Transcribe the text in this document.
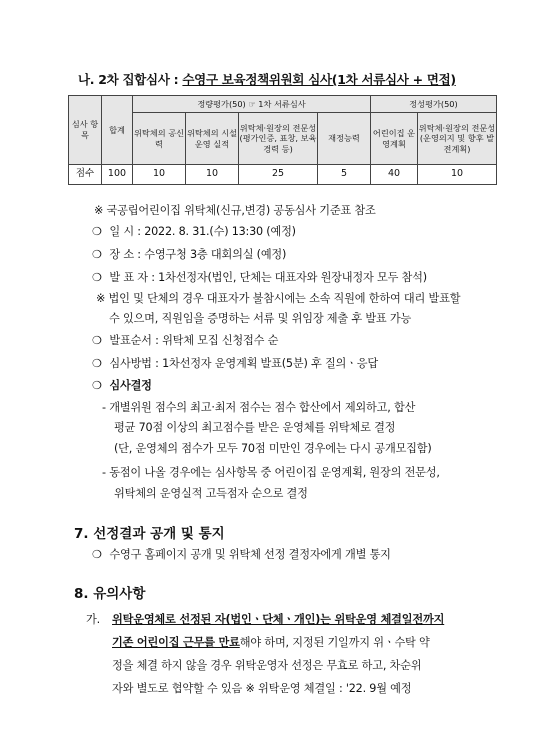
나. 2차 집합심사 : 수영구 보육정책위원회 심사(1차 서류심사 + 면접)
심사 항목	합계	정량평가(50) ☞ 1차 서류심사				정성평가(50)	
		위탁체의 공신력	위탁체의 시설운영 실적	위탁체·원장의 전문성 (평가인증, 표창, 보육경력 등)	재정능력	어린이집 운영계획	위탁체·원장의 전문성 (운영의지 및 향후 발전계획)
점수	100	10	10	25	5	40	10
※ 국공립어린이집 위탁체(신규,변경) 공동심사 기준표 참조
❍ 일 시 : 2022. 8. 31.(수) 13:30 (예정)
❍ 장 소 : 수영구청 3층 대회의실 (예정)
❍ 발 표 자 : 1차선정자(법인, 단체는 대표자와 원장내정자 모두 참석)
※ 법인 및 단체의 경우 대표자가 불참시에는 소속 직원에 한하여 대리 발표할
수 있으며, 직원임을 증명하는 서류 및 위임장 제출 후 발표 가능
❍ 발표순서 : 위탁체 모집 신청접수 순
❍ 심사방법 : 1차선정자 운영계획 발표(5분) 후 질의ㆍ응답
❍ 심사결정
- 개별위원 점수의 최고·최저 점수는 점수 합산에서 제외하고, 합산
평균 70점 이상의 최고점수를 받은 운영체를 위탁체로 결정
(단, 운영체의 점수가 모두 70점 미만인 경우에는 다시 공개모집함)
- 동점이 나올 경우에는 심사항목 중 어린이집 운영계획, 원장의 전문성,
위탁체의 운영실적 고득점자 순으로 결정
7. 선정결과 공개 및 통지
❍ 수영구 홈페이지 공개 및 위탁체 선정 결정자에게 개별 통지
8. 유의사항
가. 위탁운영체로 선정된 자(법인ㆍ단체ㆍ개인)는 위탁운영 체결일전까지
기존 어린이집 근무를 만료해야 하며, 지정된 기일까지 위ㆍ수탁 약
정을 체결 하지 않을 경우 위탁운영자 선정은 무효로 하고, 차순위
자와 별도로 협약할 수 있음 ※ 위탁운영 체결일 : '22. 9월 예정
